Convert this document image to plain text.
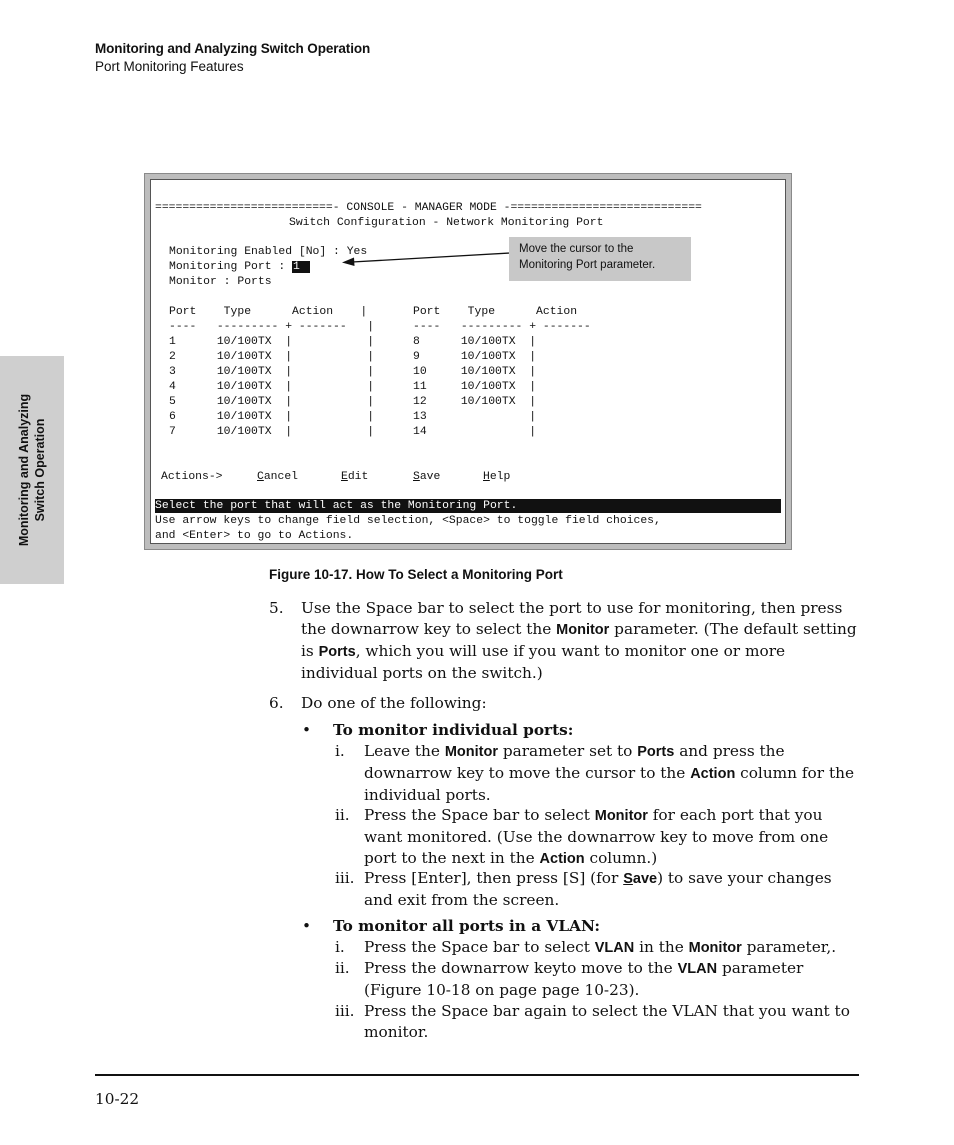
Monitoring and Analyzing Switch Operation
Port Monitoring Features
Monitoring and Analyzing Switch Operation
==========================- CONSOLE - MANAGER MODE -============================
Switch Configuration - Network Monitoring Port
Monitoring Enabled [No] : Yes
Monitoring Port : 1
Monitor : Ports
Port    Type      Action    |	Port    Type      Action
----   --------- + -------   |	----   --------- + -------
1      10/100TX  |           |	8      10/100TX  |
2      10/100TX  |           |	9      10/100TX  |
3      10/100TX  |           |	10     10/100TX  |
4      10/100TX  |           |	11     10/100TX  |
5      10/100TX  |           |	12     10/100TX  |
6      10/100TX  |           |	13               |
7      10/100TX  |           |	14               |
Actions->	Cancel	Edit	Save	Help
Select the port that will act as the Monitoring Port.
Use arrow keys to change field selection, <Space> to toggle field choices,
and <Enter> to go to Actions.
Move the cursor to the
Monitoring Port parameter.
Figure 10-17. How To Select a Monitoring Port
5. Use the Space bar to select the port to use for monitoring, then press the downarrow key to select the Monitor parameter. (The default setting is Ports, which you will use if you want to monitor one or more individual ports on the switch.)
6. Do one of the following:
• To monitor individual ports:
i. Leave the Monitor parameter set to Ports and press the downarrow key to move the cursor to the Action column for the individual ports.
ii. Press the Space bar to select Monitor for each port that you want monitored. (Use the downarrow key to move from one port to the next in the Action column.)
iii. Press [Enter], then press [S] (for Save) to save your changes and exit from the screen.
• To monitor all ports in a VLAN:
i. Press the Space bar to select VLAN in the Monitor parameter,.
ii. Press the downarrow keyto move to the VLAN parameter (Figure 10-18 on page page 10-23).
iii. Press the Space bar again to select the VLAN that you want to monitor.
10-22
